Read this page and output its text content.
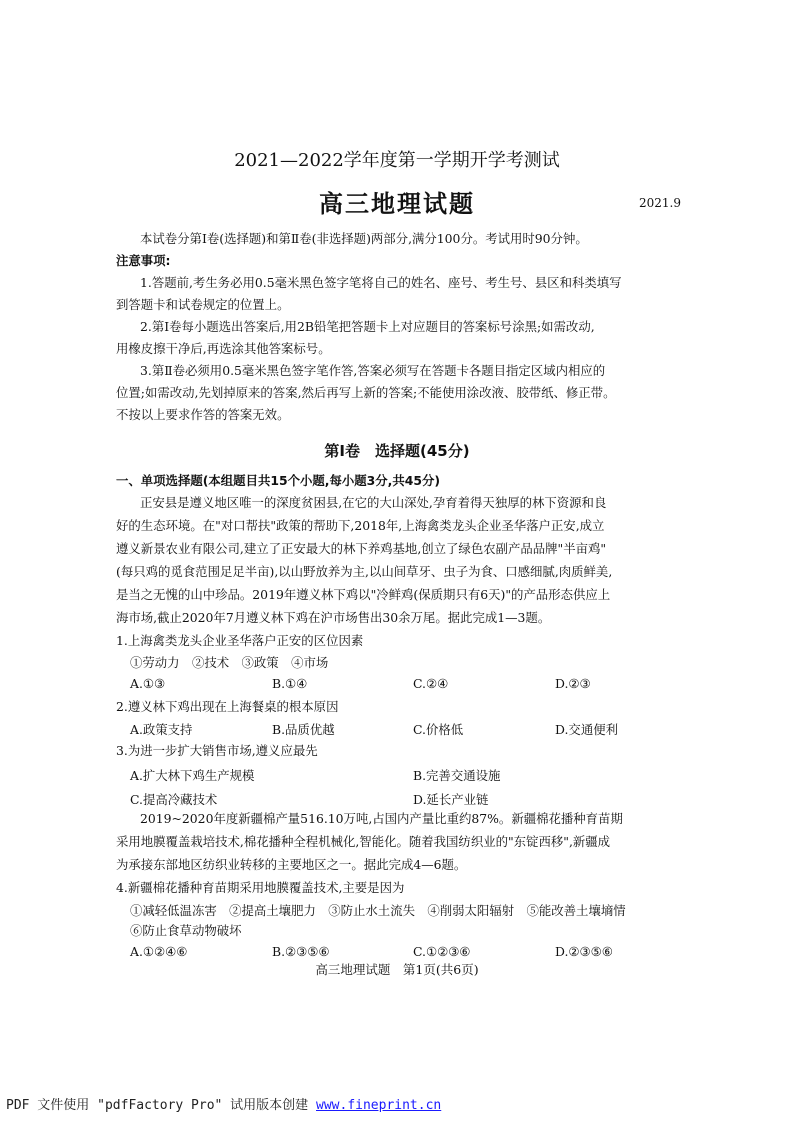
2021—2022学年度第一学期开学考测试
高三地理试题	2021.9
本试卷分第Ⅰ卷(选择题)和第Ⅱ卷(非选择题)两部分,满分100分。考试用时90分钟。
注意事项:
1.答题前,考生务必用0.5毫米黑色签字笔将自己的姓名、座号、考生号、县区和科类填写
到答题卡和试卷规定的位置上。
2.第Ⅰ卷每小题选出答案后,用2B铅笔把答题卡上对应题目的答案标号涂黑;如需改动,
用橡皮擦干净后,再选涂其他答案标号。
3.第Ⅱ卷必须用0.5毫米黑色签字笔作答,答案必须写在答题卡各题目指定区域内相应的
位置;如需改动,先划掉原来的答案,然后再写上新的答案;不能使用涂改液、胶带纸、修正带。
不按以上要求作答的答案无效。
第Ⅰ卷　选择题(45分)
一、单项选择题(本组题目共15个小题,每小题3分,共45分)
正安县是遵义地区唯一的深度贫困县,在它的大山深处,孕育着得天独厚的林下资源和良
好的生态环境。在"对口帮扶"政策的帮助下,2018年,上海禽类龙头企业圣华落户正安,成立
遵义新景农业有限公司,建立了正安最大的林下养鸡基地,创立了绿色农副产品品牌"半亩鸡"
(每只鸡的觅食范围足足半亩),以山野放养为主,以山间草牙、虫子为食、口感细腻,肉质鲜美,
是当之无愧的山中珍品。2019年遵义林下鸡以"冷鲜鸡(保质期只有6天)"的产品形态供应上
海市场,截止2020年7月遵义林下鸡在沪市场售出30余万尾。据此完成1—3题。
1.上海禽类龙头企业圣华落户正安的区位因素
①劳动力　②技术　③政策　④市场
A.①③	B.①④	C.②④	D.②③
2.遵义林下鸡出现在上海餐桌的根本原因
A.政策支持	B.品质优越	C.价格低	D.交通便利
3.为进一步扩大销售市场,遵义应最先
A.扩大林下鸡生产规模	B.完善交通设施
C.提高冷藏技术	D.延长产业链
2019~2020年度新疆棉产量516.10万吨,占国内产量比重约87%。新疆棉花播种育苗期
采用地膜覆盖栽培技术,棉花播种全程机械化,智能化。随着我国纺织业的"东锭西移",新疆成
为承接东部地区纺织业转移的主要地区之一。据此完成4—6题。
4.新疆棉花播种育苗期采用地膜覆盖技术,主要是因为
①减轻低温冻害　②提高土壤肥力　③防止水土流失　④削弱太阳辐射　⑤能改善土壤墒情
⑥防止食草动物破坏
A.①②④⑥	B.②③⑤⑥	C.①②③⑥	D.②③⑤⑥
高三地理试题　第1页(共6页)
PDF 文件使用 "pdfFactory Pro" 试用版本创建 www.fineprint.cn
